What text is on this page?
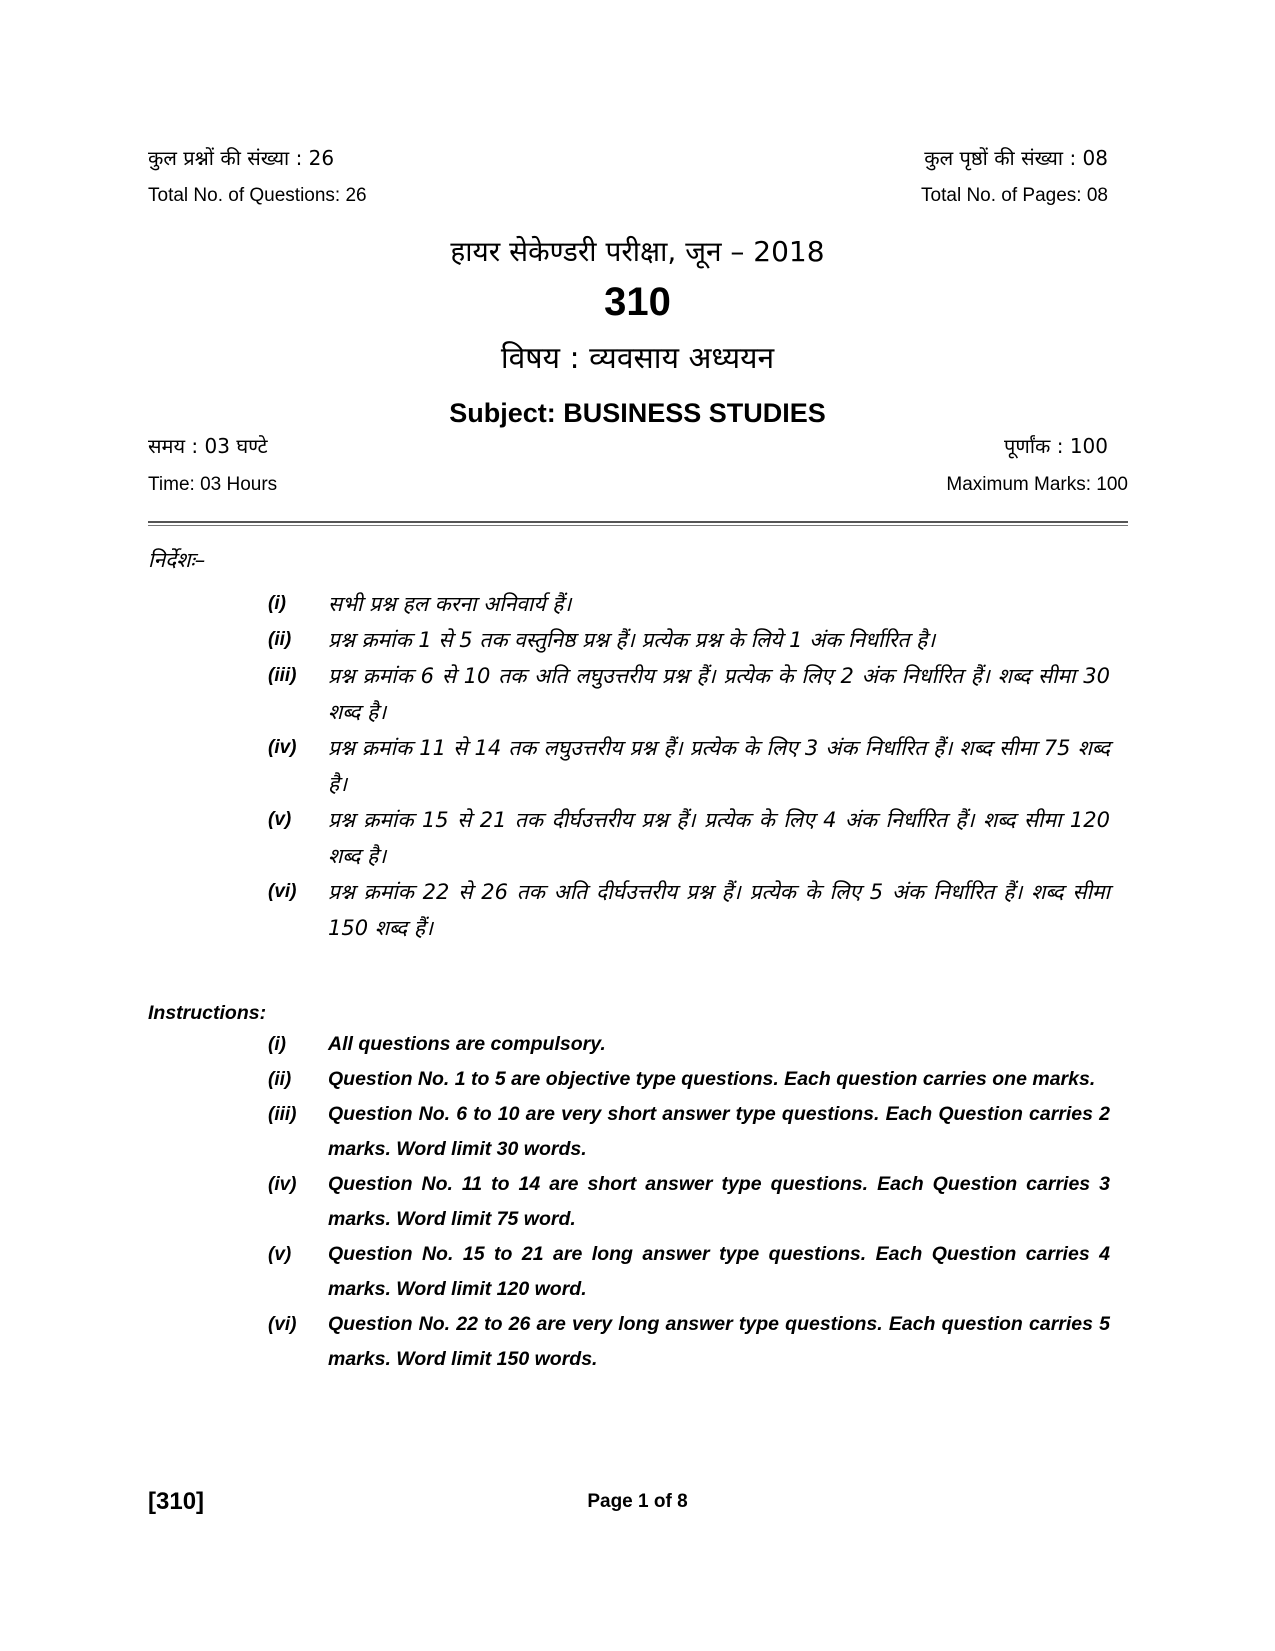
कुल प्रश्नों की संख्या : 26	कुल पृष्ठों की संख्या : 08
Total No. of Questions: 26	Total No. of Pages: 08
हायर सेकेण्डरी परीक्षा, जून – 2018
310
विषय : व्यवसाय अध्ययन
Subject: BUSINESS STUDIES
समय : 03 घण्टे	पूर्णांक : 100
Time: 03 Hours	Maximum Marks: 100
निर्देशः–
(i)	सभी प्रश्न हल करना अनिवार्य हैं।
(ii)	प्रश्न क्रमांक 1 से 5 तक वस्तुनिष्ठ प्रश्न हैं। प्रत्येक प्रश्न के लिये 1 अंक निर्धारित है।
(iii)	प्रश्न क्रमांक 6 से 10 तक अति लघुउत्तरीय प्रश्न हैं। प्रत्येक के लिए 2 अंक निर्धारित हैं। शब्द सीमा 30 शब्द है।
(iv)	प्रश्न क्रमांक 11 से 14 तक लघुउत्तरीय प्रश्न हैं। प्रत्येक के लिए 3 अंक निर्धारित हैं। शब्द सीमा 75 शब्द है।
(v)	प्रश्न क्रमांक 15 से 21 तक दीर्घउत्तरीय प्रश्न हैं। प्रत्येक के लिए 4 अंक निर्धारित हैं। शब्द सीमा 120 शब्द है।
(vi)	प्रश्न क्रमांक 22 से 26 तक अति दीर्घउत्तरीय प्रश्न हैं। प्रत्येक के लिए 5 अंक निर्धारित हैं। शब्द सीमा 150 शब्द हैं।
Instructions:
(i)	All questions are compulsory.
(ii)	Question No. 1 to 5 are objective type questions. Each question carries one marks.
(iii)	Question No. 6 to 10 are very short answer type questions. Each Question carries 2 marks. Word limit 30 words.
(iv)	Question No. 11 to 14 are short answer type questions. Each Question carries 3 marks. Word limit 75 word.
(v)	Question No. 15 to 21 are long answer type questions. Each Question carries 4 marks. Word limit 120 word.
(vi)	Question No. 22 to 26 are very long answer type questions. Each question carries 5 marks. Word limit 150 words.
[310]	Page 1 of 8
